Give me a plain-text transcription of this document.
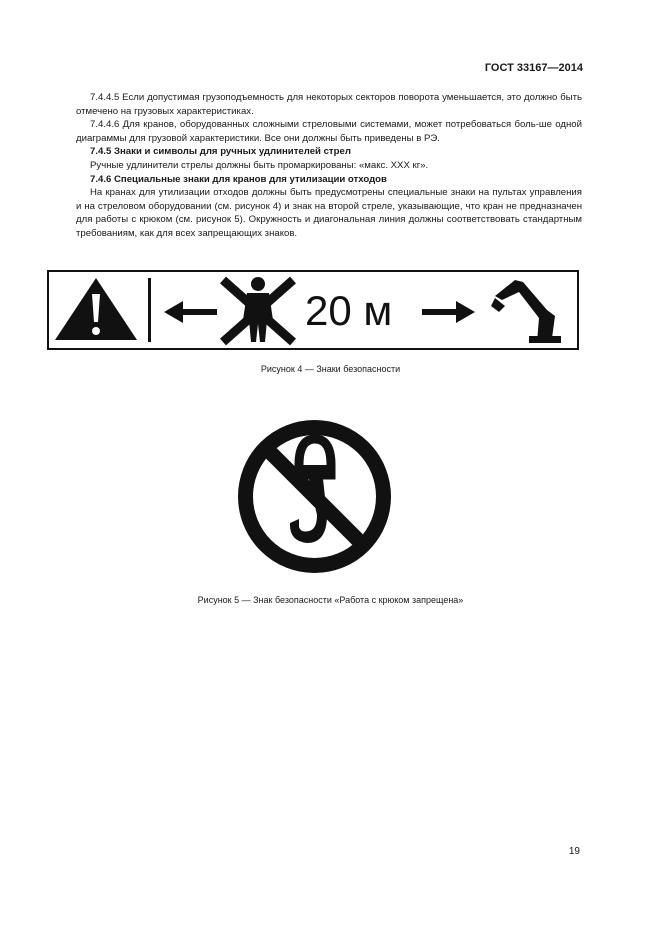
ГОСТ 33167—2014

7.4.4.5 Если допустимая грузоподъемность для некоторых секторов поворота уменьшается, это должно быть отмечено на грузовых характеристиках.

7.4.4.6 Для кранов, оборудованных сложными стреловыми системами, может потребоваться боль-ше одной диаграммы для грузовой характеристики. Все они должны быть приведены в РЭ.

7.4.5 Знаки и символы для ручных удлинителей стрел

Ручные удлинители стрелы должны быть промаркированы: «макс. XXX кг».

7.4.6 Специальные знаки для кранов для утилизации отходов

На кранах для утилизации отходов должны быть предусмотрены специальные знаки на пультах управления и на стреловом оборудовании (см. рисунок 4) и знак на второй стреле, указывающие, что кран не предназначен для работы с крюком (см. рисунок 5). Окружность и диагональная линия должны соответствовать стандартным требованиям, как для всех запрещающих знаков.

20 м
Рисунок 4 — Знаки безопасности
Рисунок 5 — Знак безопасности «Работа с крюком запрещена»
19
